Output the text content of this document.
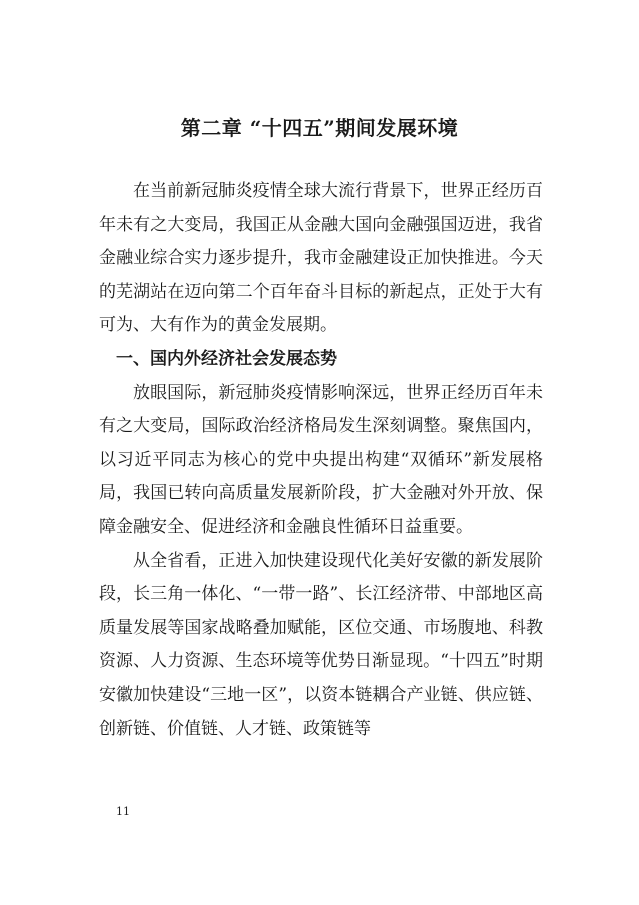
第二章 “十四五”期间发展环境

在当前新冠肺炎疫情全球大流行背景下，世界正经历百年未有之大变局，我国正从金融大国向金融强国迈进，我省金融业综合实力逐步提升，我市金融建设正加快推进。今天的芜湖站在迈向第二个百年奋斗目标的新起点，正处于大有可为、大有作为的黄金发展期。

一、国内外经济社会发展态势

放眼国际，新冠肺炎疫情影响深远，世界正经历百年未有之大变局，国际政治经济格局发生深刻调整。聚焦国内，以习近平同志为核心的党中央提出构建“双循环”新发展格局，我国已转向高质量发展新阶段，扩大金融对外开放、保障金融安全、促进经济和金融良性循环日益重要。

从全省看，正进入加快建设现代化美好安徽的新发展阶段，长三角一体化、“一带一路”、长江经济带、中部地区高质量发展等国家战略叠加赋能，区位交通、市场腹地、科教资源、人力资源、生态环境等优势日渐显现。“十四五”时期安徽加快建设“三地一区”，以资本链耦合产业链、供应链、创新链、价值链、人才链、政策链等

11
